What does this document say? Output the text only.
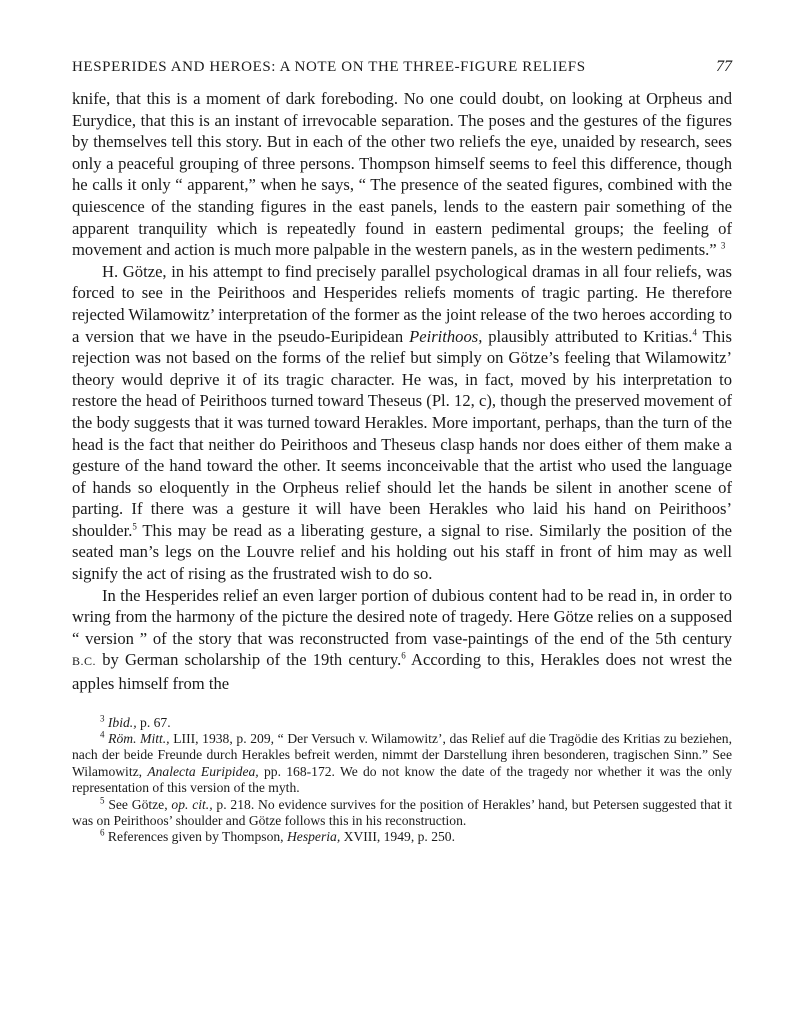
HESPERIDES AND HEROES: A NOTE ON THE THREE-FIGURE RELIEFS	77

knife, that this is a moment of dark foreboding. No one could doubt, on looking at Orpheus and Eurydice, that this is an instant of irrevocable separation. The poses and the gestures of the figures by themselves tell this story. But in each of the other two reliefs the eye, unaided by research, sees only a peaceful grouping of three persons. Thompson himself seems to feel this difference, though he calls it only “ apparent,” when he says, “ The presence of the seated figures, combined with the quiescence of the standing figures in the east panels, lends to the eastern pair something of the apparent tranquility which is repeatedly found in eastern pedimental groups; the feeling of movement and action is much more palpable in the western panels, as in the western pediments.” $^3$

H. Götze, in his attempt to find precisely parallel psychological dramas in all four reliefs, was forced to see in the Peirithoos and Hesperides reliefs moments of tragic parting. He therefore rejected Wilamowitz’ interpretation of the former as the joint release of the two heroes according to a version that we have in the pseudo-Euripidean Peirithoos, plausibly attributed to Kritias.$^4$ This rejection was not based on the forms of the relief but simply on Götze’s feeling that Wilamowitz’ theory would deprive it of its tragic character. He was, in fact, moved by his interpretation to restore the head of Peirithoos turned toward Theseus (Pl. 12, c), though the preserved movement of the body suggests that it was turned toward Herakles. More important, perhaps, than the turn of the head is the fact that neither do Peirithoos and Theseus clasp hands nor does either of them make a gesture of the hand toward the other. It seems inconceivable that the artist who used the language of hands so eloquently in the Orpheus relief should let the hands be silent in another scene of parting. If there was a gesture it will have been Herakles who laid his hand on Peirithoos’ shoulder.$^5$ This may be read as a liberating gesture, a signal to rise. Similarly the position of the seated man’s legs on the Louvre relief and his holding out his staff in front of him may as well signify the act of rising as the frustrated wish to do so.

In the Hesperides relief an even larger portion of dubious content had to be read in, in order to wring from the harmony of the picture the desired note of tragedy. Here Götze relies on a supposed “ version ” of the story that was reconstructed from vase-paintings of the end of the 5th century B.C. by German scholarship of the 19th century.$^6$ According to this, Herakles does not wrest the apples himself from the

$^3$ Ibid., p. 67.

$^4$ Röm. Mitt., LIII, 1938, p. 209, “ Der Versuch v. Wilamowitz’, das Relief auf die Tragödie des Kritias zu beziehen, nach der beide Freunde durch Herakles befreit werden, nimmt der Darstellung ihren besonderen, tragischen Sinn.” See Wilamowitz, Analecta Euripidea, pp. 168-172. We do not know the date of the tragedy nor whether it was the only representation of this version of the myth.

$^5$ See Götze, op. cit., p. 218. No evidence survives for the position of Herakles’ hand, but Petersen suggested that it was on Peirithoos’ shoulder and Götze follows this in his reconstruction.

$^6$ References given by Thompson, Hesperia, XVIII, 1949, p. 250.
